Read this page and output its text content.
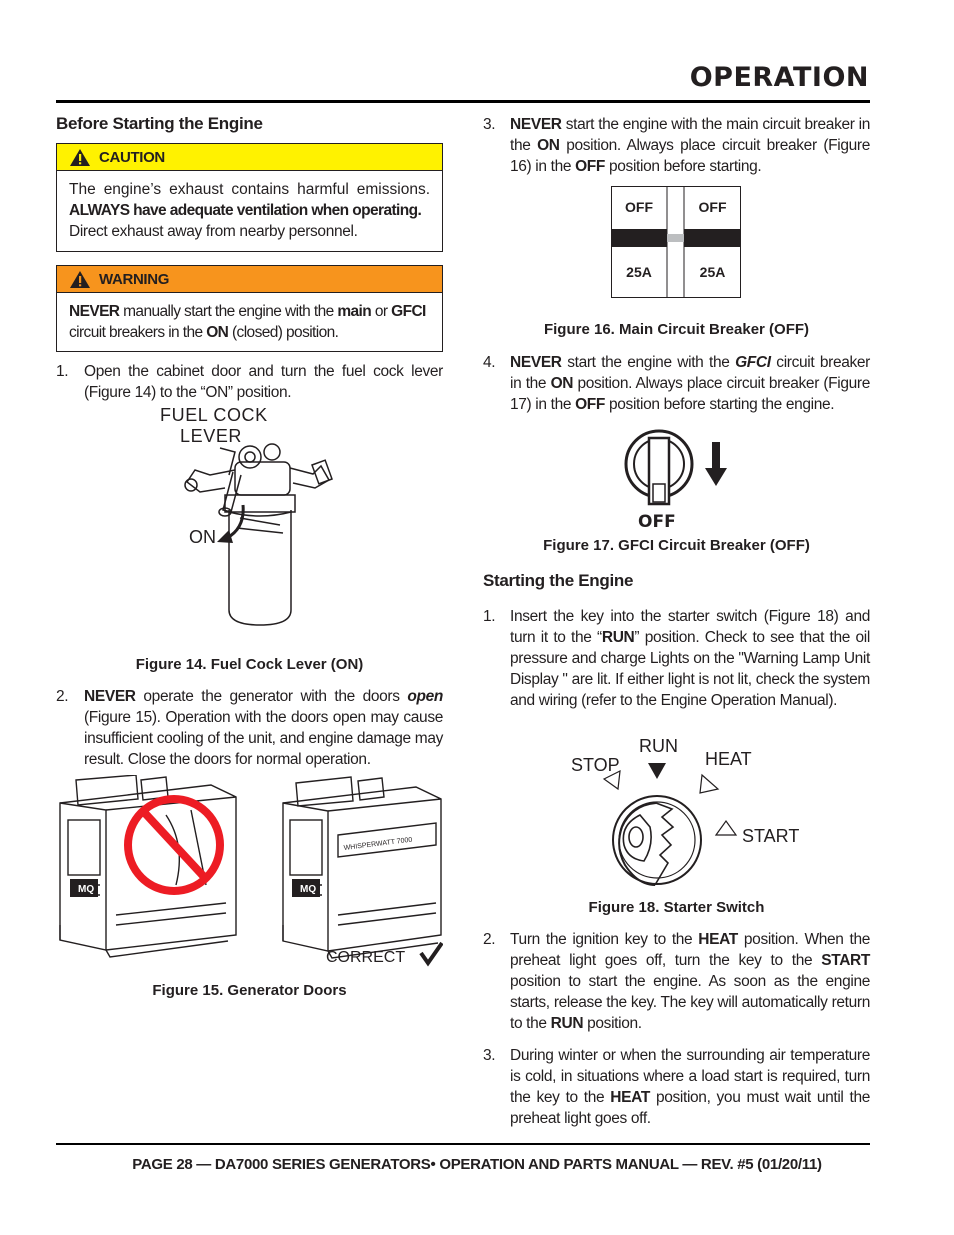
OPERATION
Before Starting the Engine
CAUTION
The engine’s exhaust contains harmful emissions.
ALWAYS have adequate ventilation when operating.
Direct exhaust away from nearby personnel.
WARNING
NEVER manually start the engine with the main or GFCI
circuit breakers in the ON (closed) position.
1. Open the cabinet door and turn the fuel cock lever (Figure 14) to the “ON” position.
FUEL COCK
LEVER
ON
Figure 14. Fuel Cock Lever (ON)
2. NEVER operate the generator with the doors open (Figure 15). Operation with the doors open may cause insufficient cooling of the unit, and engine damage may result. Close the doors for normal operation.
MQ	MQ
WHISPERWATT 7000
CORRECT
Figure 15. Generator Doors
3. NEVER start the engine with the main circuit breaker in the ON position. Always place circuit breaker (Figure 16) in the OFF position before starting.
OFF	OFF
25A	25A
Figure 16. Main Circuit Breaker (OFF)
4. NEVER start the engine with the GFCI circuit breaker in the ON position. Always place circuit breaker (Figure 17) in the OFF position before starting the engine.
OFF
Figure 17. GFCI Circuit Breaker (OFF)
Starting the Engine
1. Insert the key into the starter switch (Figure 18) and turn it to the “RUN” position. Check to see that the oil pressure and charge Lights on the "Warning Lamp Unit Display " are lit. If either light is not lit, check the system and wiring (refer to the Engine Operation Manual).
STOP
RUN
HEAT
START
Figure 18. Starter Switch
2. Turn the ignition key to the HEAT position. When the preheat light goes off, turn the key to the START position to start the engine. As soon as the engine starts, release the key. The key will automatically return to the RUN position.
3. During winter or when the surrounding air temperature is cold, in situations where a load start is required, turn the key to the HEAT position, you must wait until the preheat light goes off.
PAGE 28 — DA7000 SERIES GENERATORS• OPERATION AND PARTS MANUAL — REV. #5 (01/20/11)
